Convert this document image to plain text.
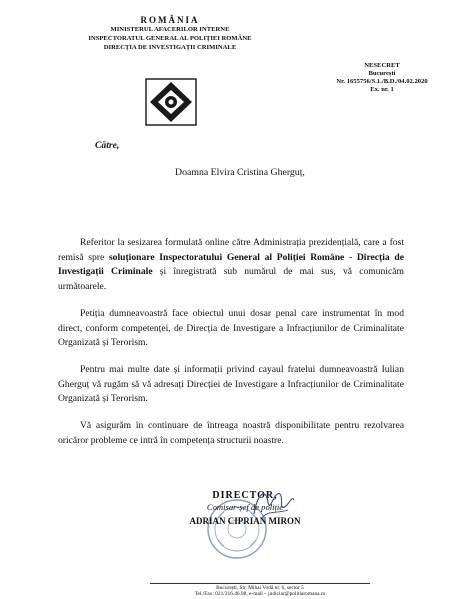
ROMÂNIA
MINISTERUL AFACERILOR INTERNE
INSPECTORATUL GENERAL AL POLIȚIEI ROMÂNE
DIRECȚIA DE INVESTIGAȚII CRIMINALE
NESECRET
București
Nr. 1655756/S.1./B.D./04.02.2020
Ex. nr. 1
Către,
Doamna Elvira Cristina Gherguț,
Referitor la sesizarea formulată online către Administrația prezidențială, care a fost remisă spre soluționare Inspectoratului General al Poliției Române - Direcția de Investigații Criminale și înregistrată sub numărul de mai sus, vă comunicăm următoarele.
Petiția dumneavoastră face obiectul unui dosar penal care instrumentat în mod direct, conform competenței, de Direcția de Investigare a Infracțiunilor de Criminalitate Organizată și Terorism.
Pentru mai multe date și informații privind cayaul fratelui dumneavoastră Iulian Gherguț vă rugăm să vă adresați Direcției de Investigare a Infracțiunilor de Criminalitate Organizată și Terorism.
Vă asigurăm în continuare de întreaga noastră disponibilitate pentru rezolvarea oricăror probleme ce intră în competența structurii noastre.
DIRECTOR,
Comisar-șef de poliție
ADRIAN CIPRIAN MIRON
București, Str. Mihai Vodă nr. 6, sector 5
Tel./Fax: 021/316.46.98, e-mail – judiciar@politiaromana.ro
